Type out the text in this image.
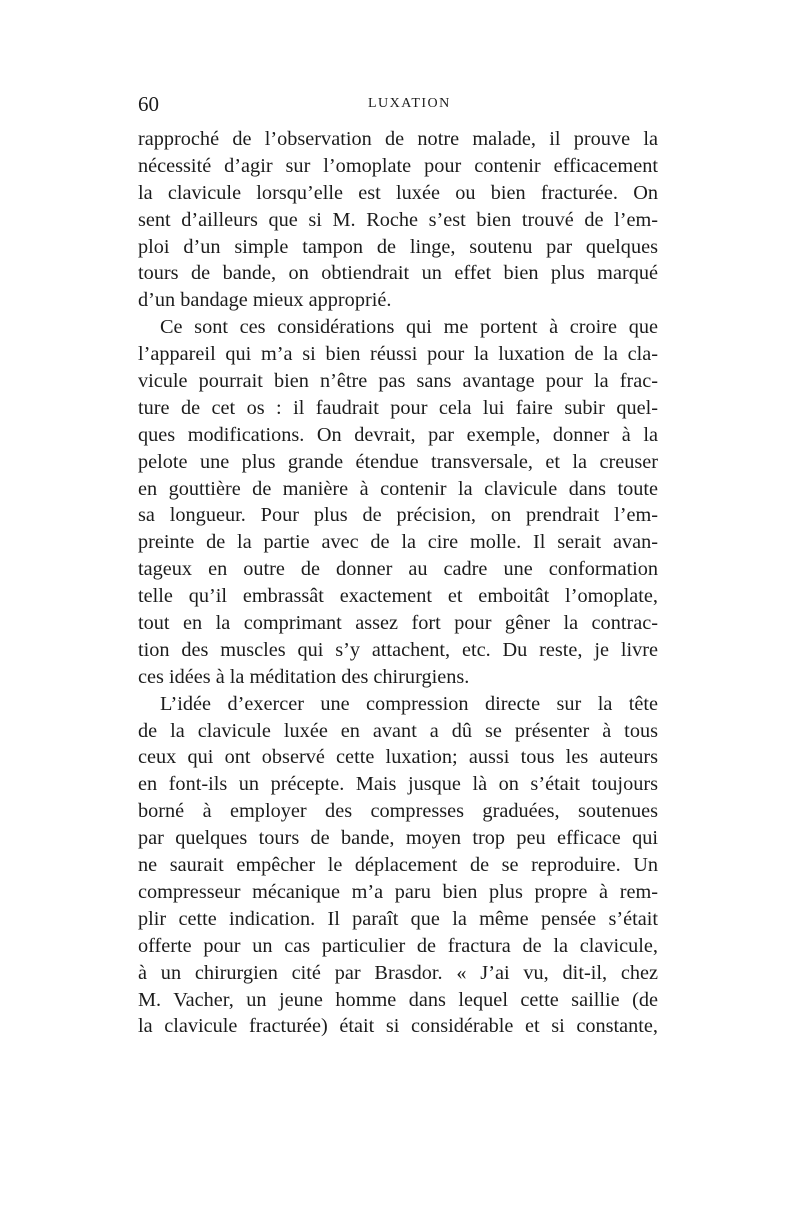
60	LUXATION
rapproché de l’observation de notre malade, il prouve la
nécessité d’agir sur l’omoplate pour contenir efficacement
la clavicule lorsqu’elle est luxée ou bien fracturée. On
sent d’ailleurs que si M. Roche s’est bien trouvé de l’em-
ploi d’un simple tampon de linge, soutenu par quelques
tours de bande, on obtiendrait un effet bien plus marqué
d’un bandage mieux approprié.
Ce sont ces considérations qui me portent à croire que
l’appareil qui m’a si bien réussi pour la luxation de la cla-
vicule pourrait bien n’être pas sans avantage pour la frac-
ture de cet os : il faudrait pour cela lui faire subir quel-
ques modifications. On devrait, par exemple, donner à la
pelote une plus grande étendue transversale, et la creuser
en gouttière de manière à contenir la clavicule dans toute
sa longueur. Pour plus de précision, on prendrait l’em-
preinte de la partie avec de la cire molle. Il serait avan-
tageux en outre de donner au cadre une conformation
telle qu’il embrassât exactement et emboitât l’omoplate,
tout en la comprimant assez fort pour gêner la contrac-
tion des muscles qui s’y attachent, etc. Du reste, je livre
ces idées à la méditation des chirurgiens.
L’idée d’exercer une compression directe sur la tête
de la clavicule luxée en avant a dû se présenter à tous
ceux qui ont observé cette luxation; aussi tous les auteurs
en font-ils un précepte. Mais jusque là on s’était toujours
borné à employer des compresses graduées, soutenues
par quelques tours de bande, moyen trop peu efficace qui
ne saurait empêcher le déplacement de se reproduire. Un
compresseur mécanique m’a paru bien plus propre à rem-
plir cette indication. Il paraît que la même pensée s’était
offerte pour un cas particulier de fractura de la clavicule,
à un chirurgien cité par Brasdor. « J’ai vu, dit-il, chez
M. Vacher, un jeune homme dans lequel cette saillie (de
la clavicule fracturée) était si considérable et si constante,
